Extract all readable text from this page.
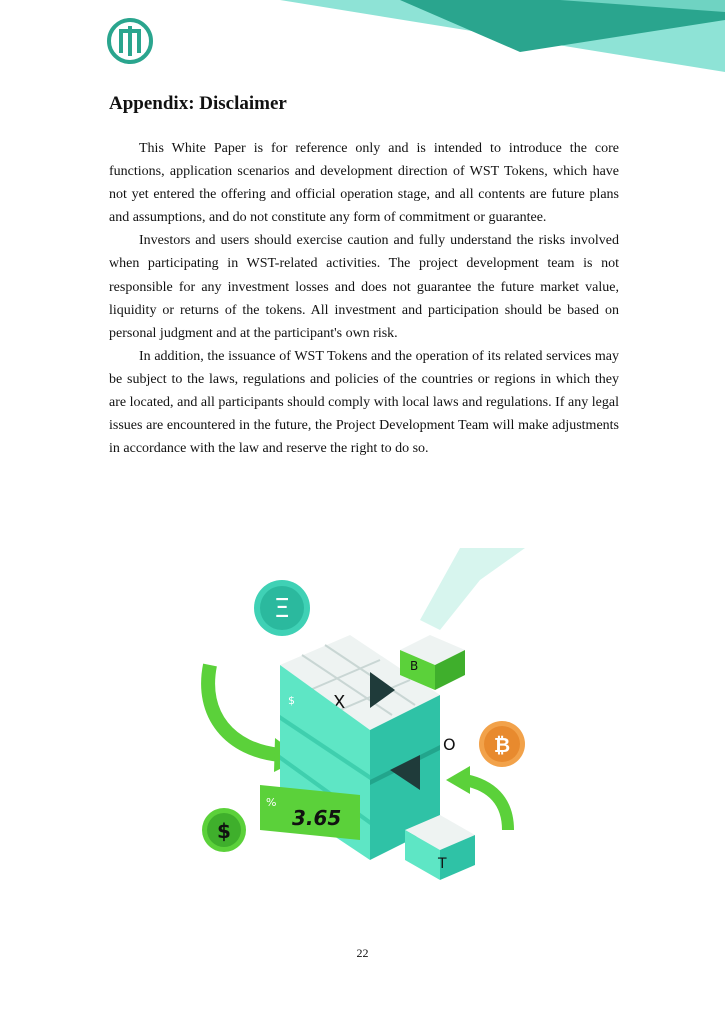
Appendix: Disclaimer

This White Paper is for reference only and is intended to introduce the core functions, application scenarios and development direction of WST Tokens, which have not yet entered the offering and official operation stage, and all contents are future plans and assumptions, and do not constitute any form of commitment or guarantee.

Investors and users should exercise caution and fully understand the risks involved when participating in WST-related activities. The project development team is not responsible for any investment losses and does not guarantee the future market value, liquidity or returns of the tokens. All investment and participation should be based on personal judgment and at the participant's own risk.

In addition, the issuance of WST Tokens and the operation of its related services may be subject to the laws, regulations and policies of the countries or regions in which they are located, and all participants should comply with local laws and regulations. If any legal issues are encountered in the future, the Project Development Team will make adjustments in accordance with the law and reserve the right to do so.

Ξ
X
O
3.65
%
$
B
T
₿
$
22
